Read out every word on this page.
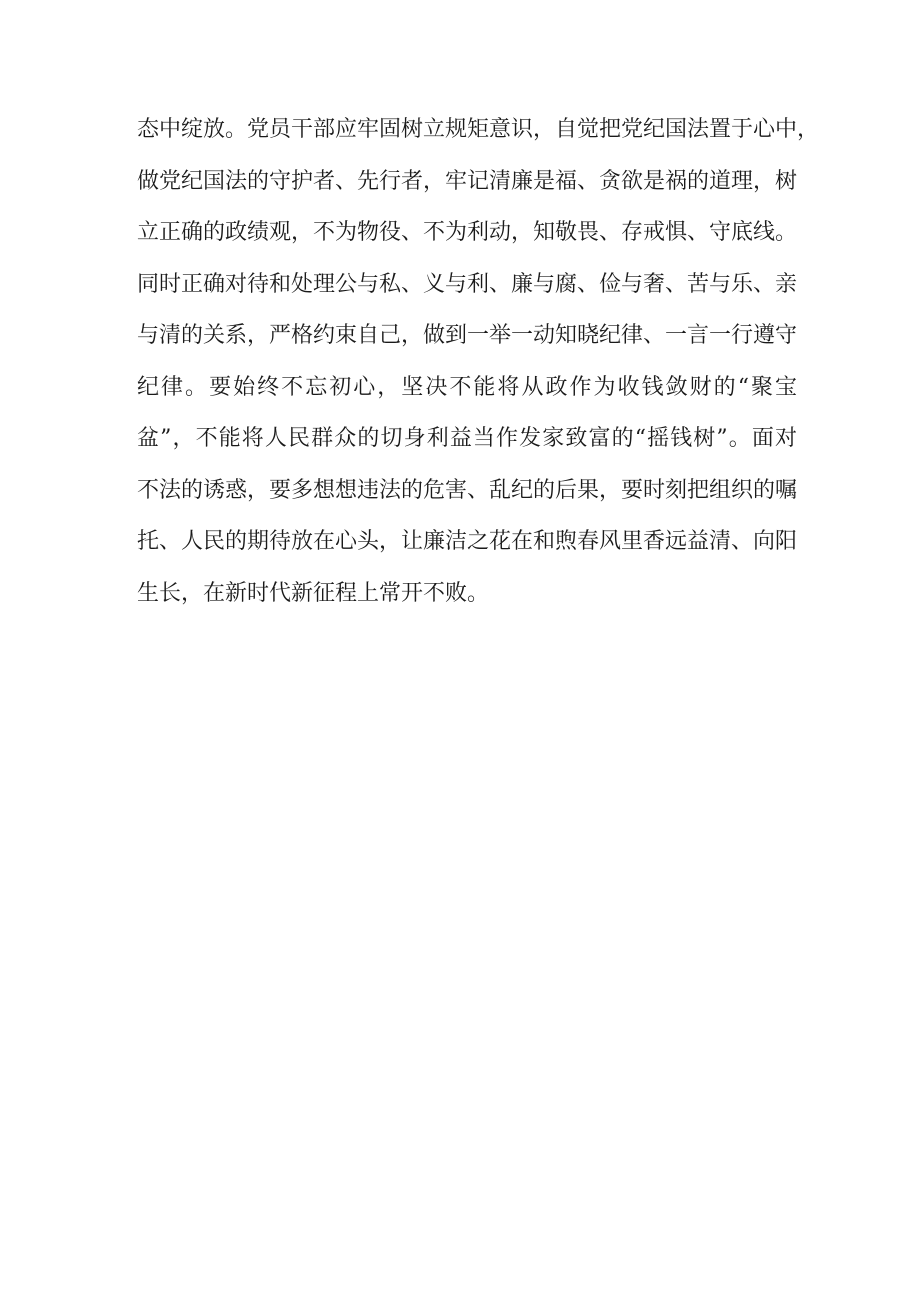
态中绽放。党员干部应牢固树立规矩意识，自觉把党纪国法置于心中，
做党纪国法的守护者、先行者，牢记清廉是福、贪欲是祸的道理，树
立正确的政绩观，不为物役、不为利动，知敬畏、存戒惧、守底线。
同时正确对待和处理公与私、义与利、廉与腐、俭与奢、苦与乐、亲
与清的关系，严格约束自己，做到一举一动知晓纪律、一言一行遵守
纪律。要始终不忘初心，坚决不能将从政作为收钱敛财的“聚宝
盆”，不能将人民群众的切身利益当作发家致富的“摇钱树”。面对
不法的诱惑，要多想想违法的危害、乱纪的后果，要时刻把组织的嘱
托、人民的期待放在心头，让廉洁之花在和煦春风里香远益清、向阳
生长，在新时代新征程上常开不败。
